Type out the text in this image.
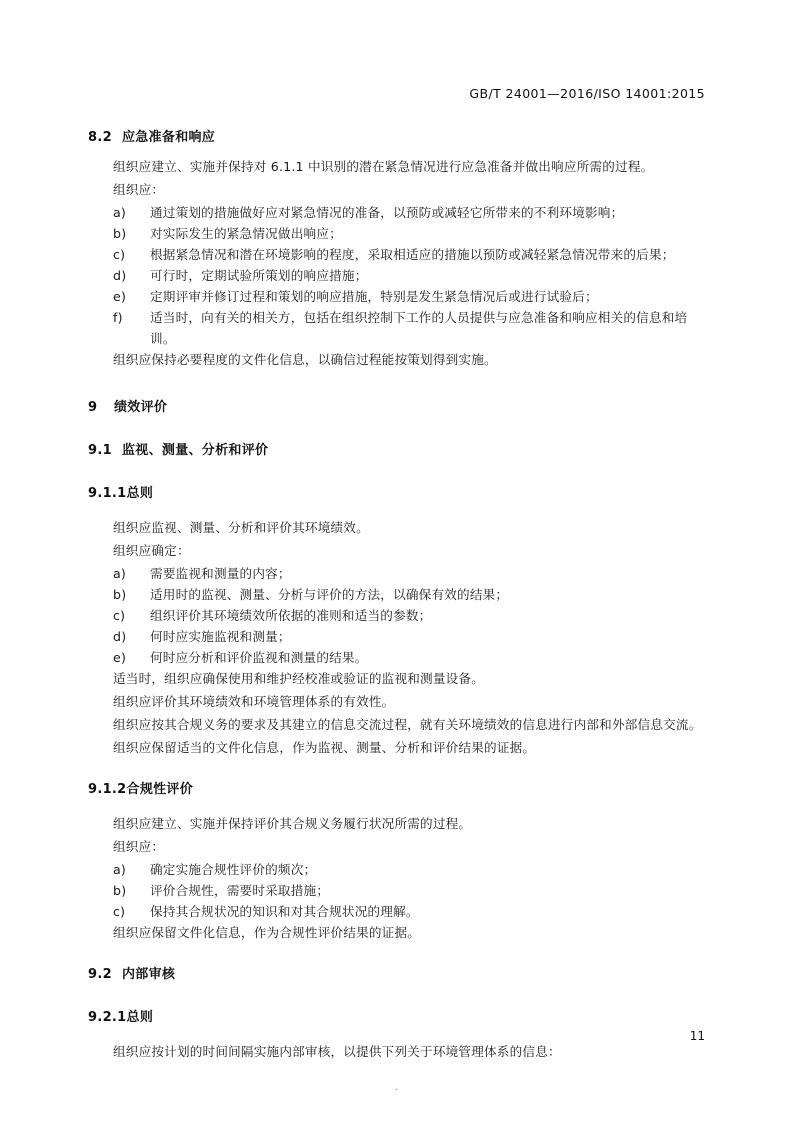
GB/T 24001—2016/ISO 14001:2015
8.2 应急准备和响应

组织应建立、实施并保持对 6.1.1 中识别的潜在紧急情况进行应急准备并做出响应所需的过程。

组织应：

a) 通过策划的措施做好应对紧急情况的准备，以预防或减轻它所带来的不利环境影响；
b) 对实际发生的紧急情况做出响应；
c) 根据紧急情况和潜在环境影响的程度，采取相适应的措施以预防或减轻紧急情况带来的后果；
d) 可行时，定期试验所策划的响应措施；
e) 定期评审并修订过程和策划的响应措施，特别是发生紧急情况后或进行试验后；
f) 适当时，向有关的相关方，包括在组织控制下工作的人员提供与应急准备和响应相关的信息和培训。

组织应保持必要程度的文件化信息，以确信过程能按策划得到实施。

9 绩效评价
9.1 监视、测量、分析和评价
9.1.1总则

组织应监视、测量、分析和评价其环境绩效。

组织应确定：

a) 需要监视和测量的内容；
b) 适用时的监视、测量、分析与评价的方法，以确保有效的结果；
c) 组织评价其环境绩效所依据的准则和适当的参数；
d) 何时应实施监视和测量；
e) 何时应分析和评价监视和测量的结果。

适当时，组织应确保使用和维护经校准或验证的监视和测量设备。

组织应评价其环境绩效和环境管理体系的有效性。

组织应按其合规义务的要求及其建立的信息交流过程，就有关环境绩效的信息进行内部和外部信息交流。

组织应保留适当的文件化信息，作为监视、测量、分析和评价结果的证据。

9.1.2合规性评价

组织应建立、实施并保持评价其合规义务履行状况所需的过程。

组织应：

a) 确定实施合规性评价的频次；
b) 评价合规性，需要时采取措施；
c) 保持其合规状况的知识和对其合规状况的理解。

组织应保留文件化信息，作为合规性评价结果的证据。

9.2 内部审核
9.2.1总则

组织应按计划的时间间隔实施内部审核，以提供下列关于环境管理体系的信息：

11
.
